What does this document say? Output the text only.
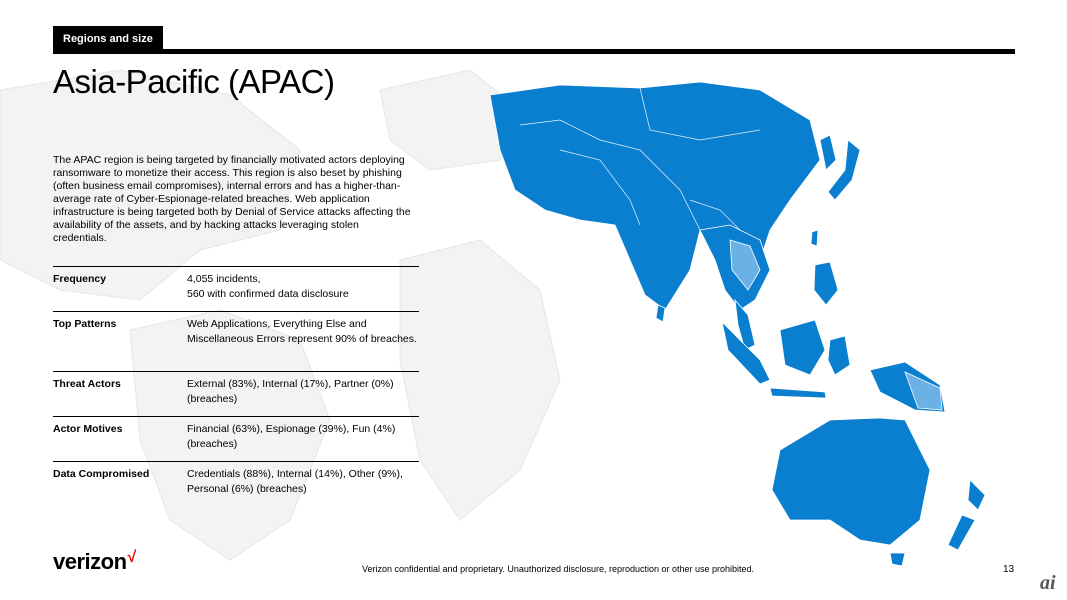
Regions and size
Asia-Pacific (APAC)

The APAC region is being targeted by financially motivated actors deploying ransomware to monetize their access. This region is also beset by phishing (often business email compromises), internal errors and has a higher-than-average rate of Cyber-Espionage-related breaches. Web application infrastructure is being targeted both by Denial of Service attacks affecting the availability of the assets, and by hacking attacks leveraging stolen credentials.

Frequency	4,055 incidents,
560 with confirmed data disclosure
Top Patterns	Web Applications, Everything Else and Miscellaneous Errors represent 90% of breaches.
Threat Actors	External (83%), Internal (17%), Partner (0%) (breaches)
Actor Motives	Financial (63%), Espionage (39%), Fun (4%) (breaches)
Data Compromised	Credentials (88%), Internal (14%), Other (9%), Personal (6%) (breaches)
verizon√
Verizon confidential and proprietary. Unauthorized disclosure, reproduction or other use prohibited.	13
ai
